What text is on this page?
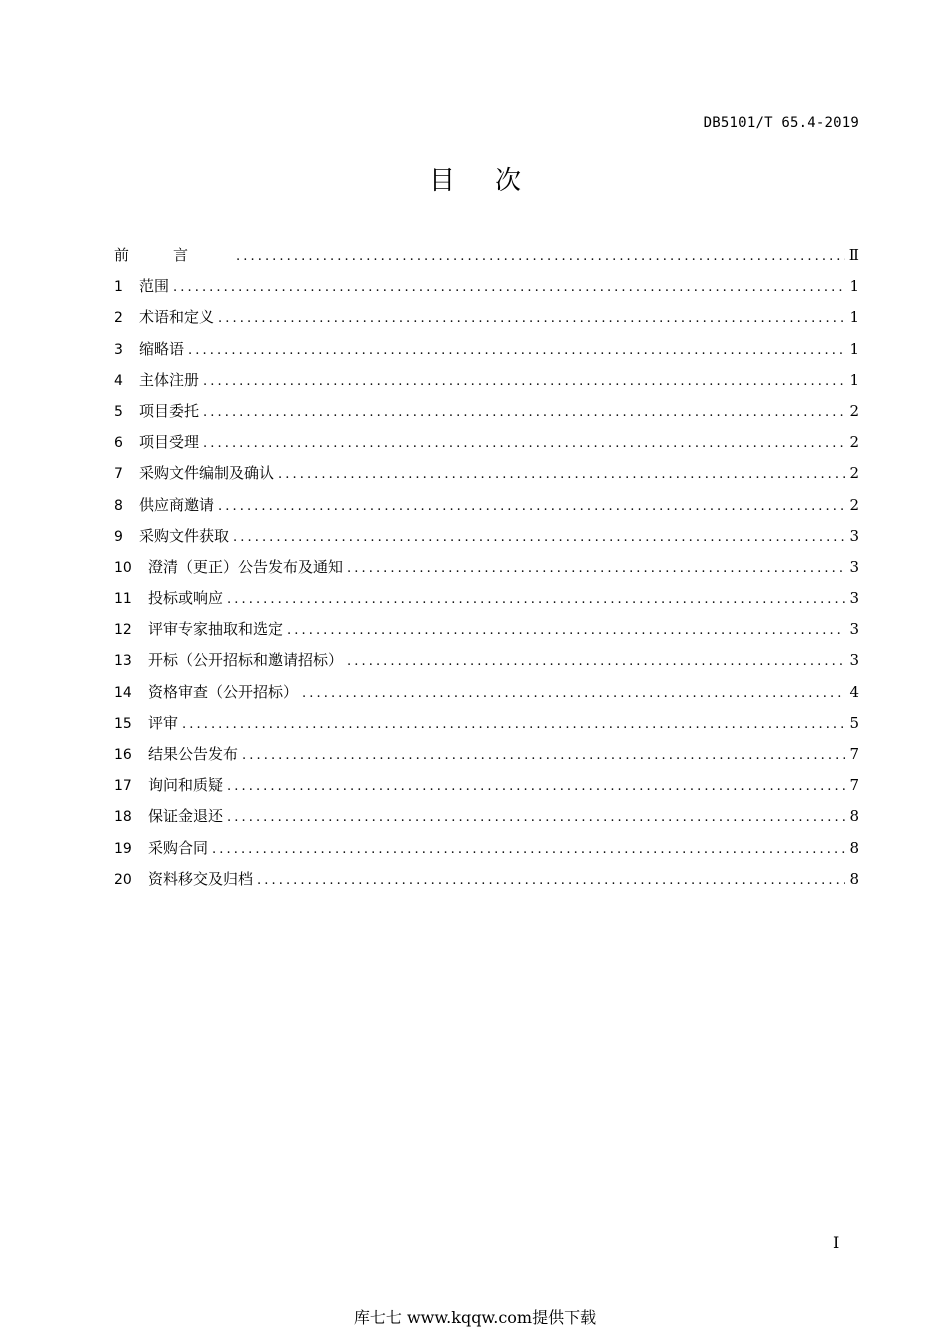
DB5101/T 65.4-2019
目次
前言 .....	Ⅱ
1	范围 .....	1
2	术语和定义 .....	1
3	缩略语 .....	1
4	主体注册 .....	1
5	项目委托 .....	2
6	项目受理 .....	2
7	采购文件编制及确认 .....	2
8	供应商邀请 .....	2
9	采购文件获取 .....	3
10	澄清（更正）公告发布及通知 .....	3
11	投标或响应 .....	3
12	评审专家抽取和选定 .....	3
13	开标（公开招标和邀请招标） .....	3
14	资格审查（公开招标） .....	4
15	评审 .....	5
16	结果公告发布 .....	7
17	询问和质疑 .....	7
18	保证金退还 .....	8
19	采购合同 .....	8
20	资料移交及归档 .....	8
I
库七七 www.kqqw.com提供下载
